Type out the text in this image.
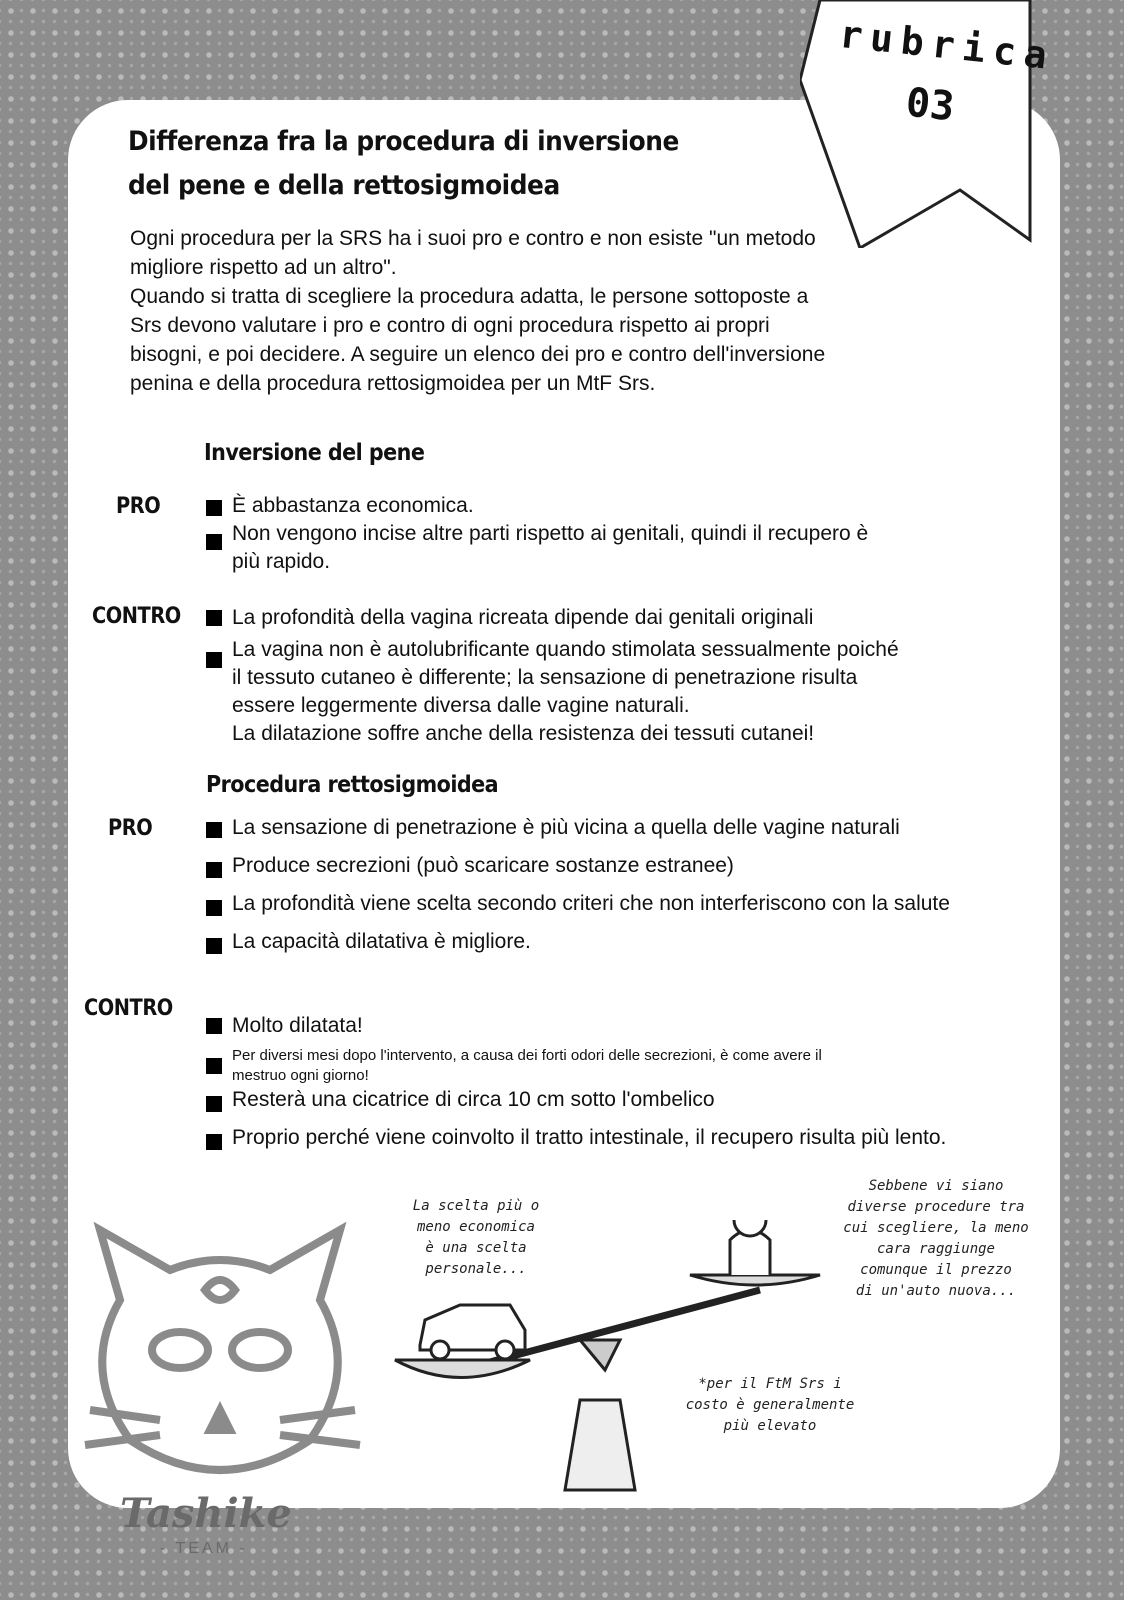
rubrica
03
Differenza fra la procedura di inversione del pene e della rettosigmoidea
Ogni procedura per la SRS ha i suoi pro e contro e non esiste "un metodo
migliore rispetto ad un altro".
Quando si tratta di scegliere la procedura adatta, le persone sottoposte a
Srs devono valutare i pro e contro di ogni procedura rispetto ai propri
bisogni, e poi decidere. A seguire un elenco dei pro e contro dell'inversione
penina e della procedura rettosigmoidea per un MtF Srs.
Inversione del pene
PRO	È abbastanza economica.
Non vengono incise altre parti rispetto ai genitali, quindi il recupero è
più rapido.
CONTRO La profondità della vagina ricreata dipende dai genitali originali
La vagina non è autolubrificante quando stimolata sessualmente poiché
il tessuto cutaneo è differente; la sensazione di penetrazione risulta
essere leggermente diversa dalle vagine naturali.
La dilatazione soffre anche della resistenza dei tessuti cutanei!
Procedura rettosigmoidea
PRO	La sensazione di penetrazione è più vicina a quella delle vagine naturali
Produce secrezioni (può scaricare sostanze estranee)
La profondità viene scelta secondo criteri che non interferiscono con la salute
La capacità dilatativa è migliore.
CONTRO
Molto dilatata!
Per diversi mesi dopo l'intervento, a causa dei forti odori delle secrezioni, è come avere il
mestruo ogni giorno!
Resterà una cicatrice di circa 10 cm sotto l'ombelico
Proprio perché viene coinvolto il tratto intestinale, il recupero risulta più lento.
La scelta più o
meno economica
è una scelta
personale...
Sebbene vi siano
diverse procedure tra
cui scegliere, la meno
cara raggiunge
comunque il prezzo
di un'auto nuova...
*per il FtM Srs i
costo è generalmente
più elevato
Tashike
- TEAM -
